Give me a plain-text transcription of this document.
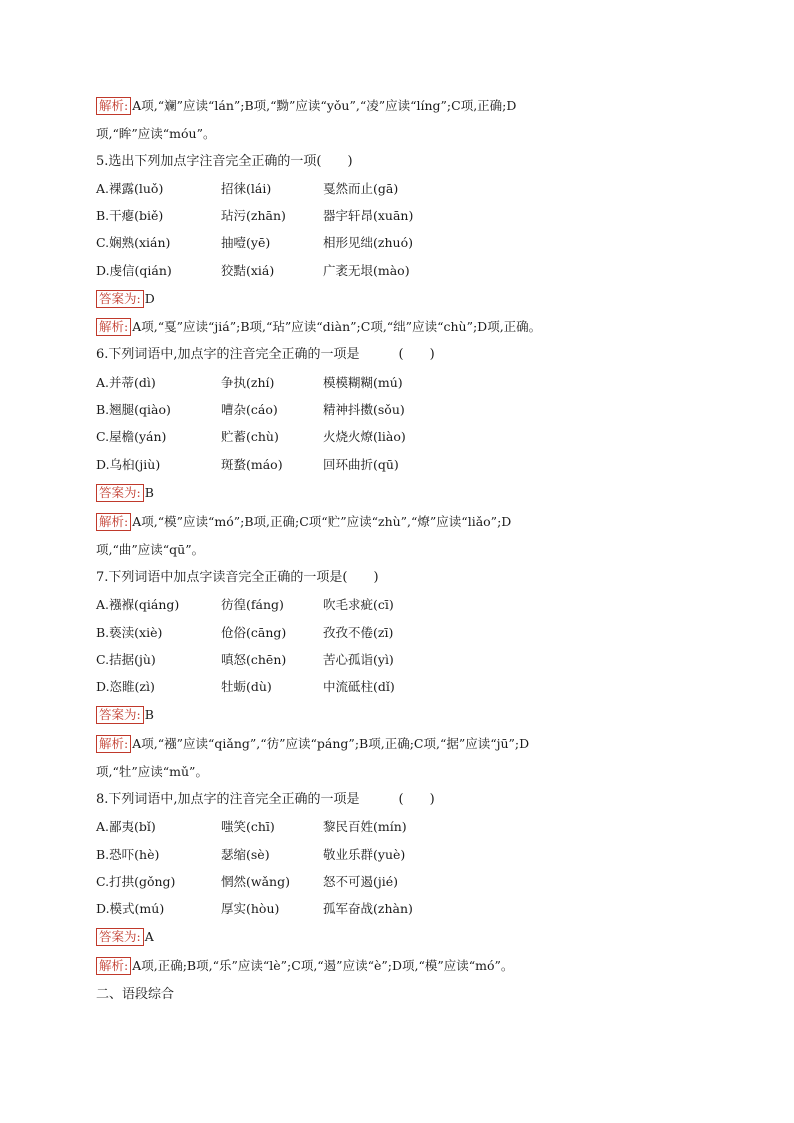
解析: A项,“斓”应读“lán”;B项,“黝”应读“yǒu”,“凌”应读“líng”;C项,正确;D
项,“眸”应读“móu”。
5.选出下列加点字注音完全正确的一项(　　)
A.裸露(luǒ)	招徕(lái)	戛然而止(gā)
B.干瘪(biě)	玷污(zhān)	器宇轩昂(xuān)
C.娴熟(xián)	抽噎(yē)	相形见绌(zhuó)
D.虔信(qián)	狡黠(xiá)	广袤无垠(mào)
答案为: D
解析: A项,“戛”应读“jiá”;B项,“玷”应读“diàn”;C项,“绌”应读“chù”;D项,正确。
6.下列词语中,加点字的注音完全正确的一项是　　　(　　)
A.并蒂(dì)	争执(zhí)	模模糊糊(mú)
B.翘腿(qiào)	嘈杂(cáo)	精神抖擞(sǒu)
C.屋檐(yán)	贮蓄(chù)	火烧火燎(liào)
D.乌桕(jiù)	斑蝥(máo)	回环曲折(qū)
答案为: B
解析: A项,“模”应读“mó”;B项,正确;C项“贮”应读“zhù”,“燎”应读“liǎo”;D
项,“曲”应读“qū”。
7.下列词语中加点字读音完全正确的一项是(　　)
A.襁褓(qiáng)	彷徨(fáng)	吹毛求疵(cī)
B.亵渎(xiè)	伧俗(cāng)	孜孜不倦(zī)
C.拮据(jù)	嗔怒(chēn)	苦心孤诣(yì)
D.恣睢(zì)	牡蛎(dù)	中流砥柱(dǐ)
答案为: B
解析: A项,“襁”应读“qiǎng”,“彷”应读“páng”;B项,正确;C项,“据”应读“jū”;D
项,“牡”应读“mǔ”。
8.下列词语中,加点字的注音完全正确的一项是　　　(　　)
A.鄙夷(bǐ)	嗤笑(chī)	黎民百姓(mín)
B.恐吓(hè)	瑟缩(sè)	敬业乐群(yuè)
C.打拱(gǒng)	惘然(wǎng)	怒不可遏(jié)
D.模式(mú)	厚实(hòu)	孤军奋战(zhàn)
答案为: A
解析: A项,正确;B项,“乐”应读“lè”;C项,“遏”应读“è”;D项,“模”应读“mó”。
二、语段综合
